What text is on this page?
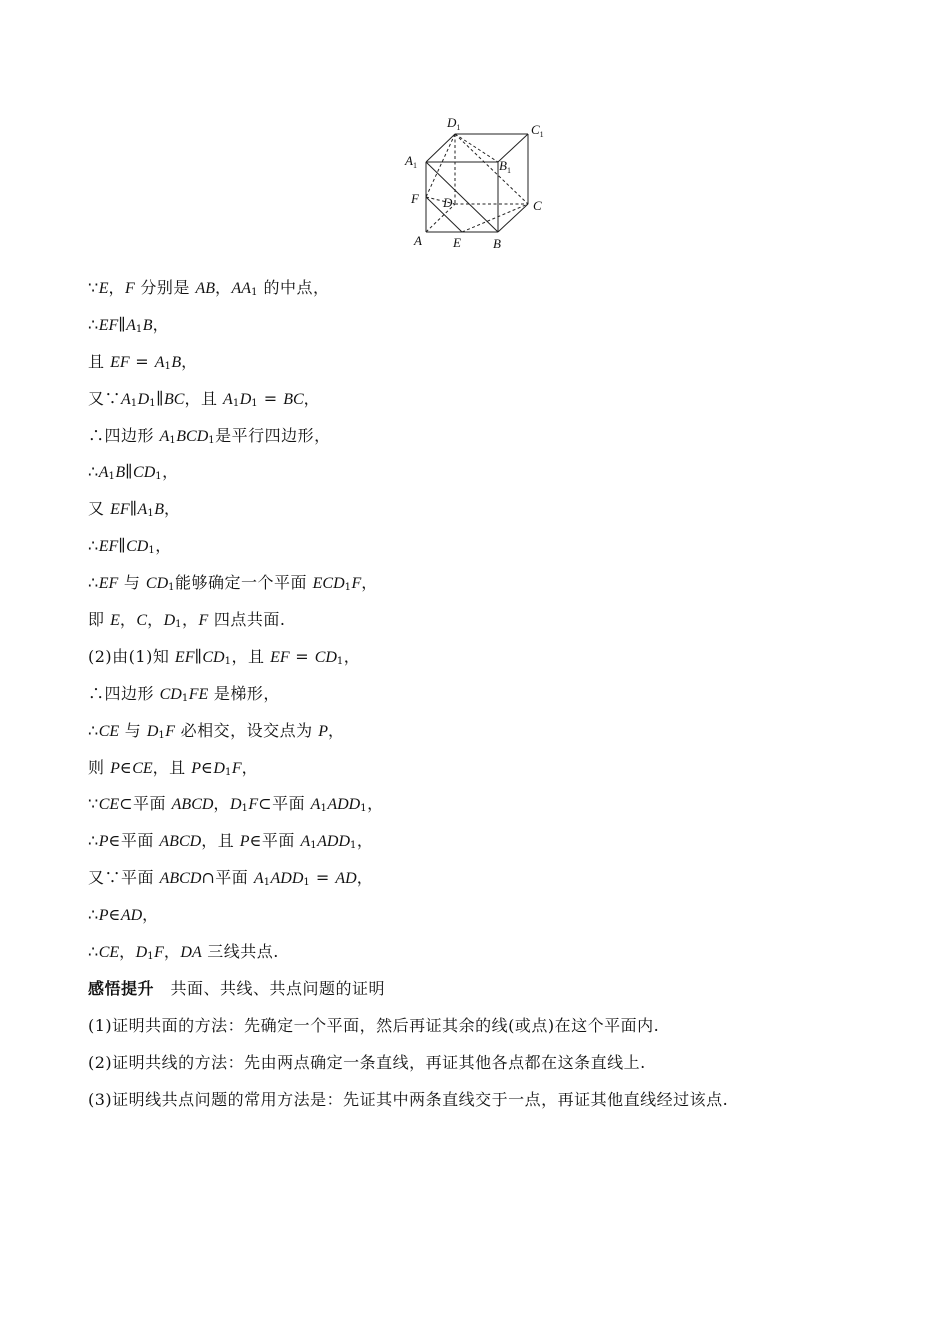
$D_1$	$C_1$
$A_1$	$B_1$
F D	C
A E B
∵E，F 分别是 AB，$AA_1$ 的中点，
$\therefore EF\parallel A_1B$，
且 EF = $A_1B$，
又$\because A_1D_1\parallel BC$，且 $A_1D_1$ = BC，
∴四边形 $A_1BCD_1$是平行四边形，
$\therefore A_1B\parallel CD_1$，
又 $EF\parallel A_1B$，
$\therefore EF\parallel CD_1$，
∴EF 与 $CD_1$能够确定一个平面 $ECD_1F$，
即 E，C，$D_1$，F 四点共面.
(2)由(1)知 $EF\parallel CD_1$，且 EF = $CD_1$，
∴四边形 $CD_1FE$ 是梯形，
∴CE 与 $D_1F$ 必相交，设交点为 P，
则 P∈CE，且 $P\in D_1F$，
∵CE⊂平面 ABCD，$D_1F\subset$平面 $A_1ADD_1$，
∴P∈平面 ABCD，且 P∈平面 $A_1ADD_1$，
又∵平面 ABCD∩平面 $A_1ADD_1$ = AD，
∴P∈AD，
∴CE，$D_1F$，DA 三线共点.
感悟提升　共面、共线、共点问题的证明
(1)证明共面的方法：先确定一个平面，然后再证其余的线(或点)在这个平面内.
(2)证明共线的方法：先由两点确定一条直线，再证其他各点都在这条直线上.
(3)证明线共点问题的常用方法是：先证其中两条直线交于一点，再证其他直线经过该点.
